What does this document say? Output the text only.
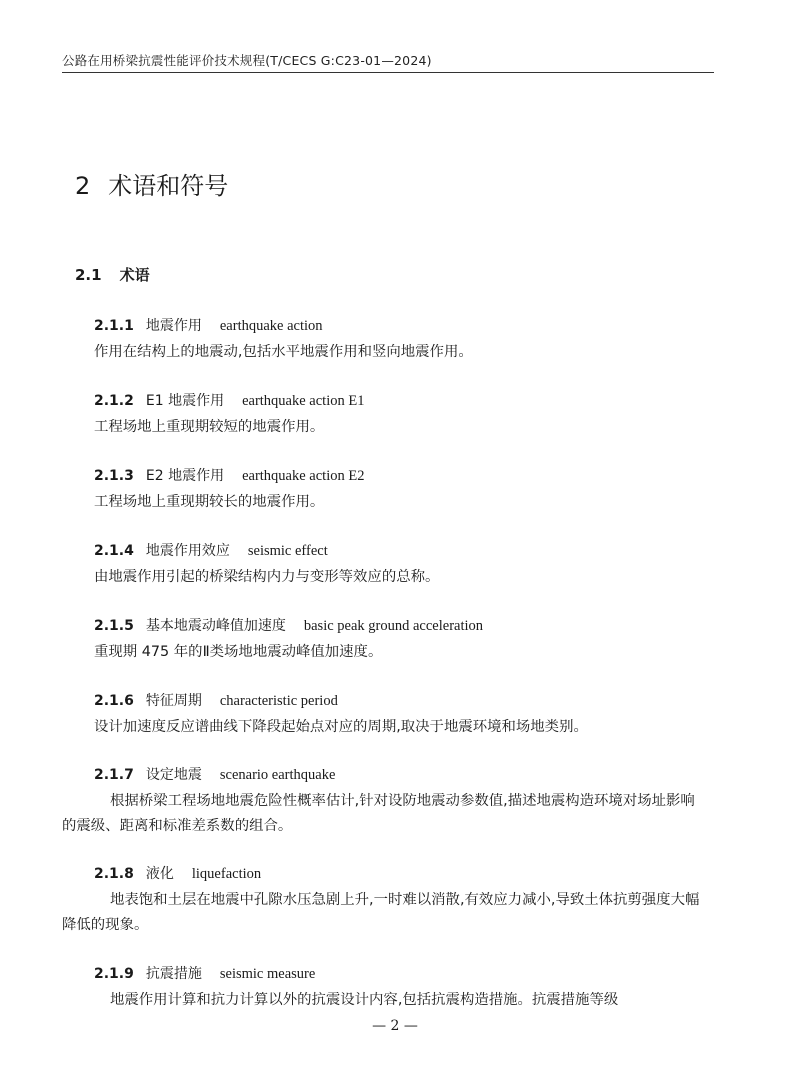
公路在用桥梁抗震性能评价技术规程(T/CECS G:C23-01—2024)
2 术语和符号
2.1 术语
2.1.1 地震作用 earthquake action
作用在结构上的地震动,包括水平地震作用和竖向地震作用。
2.1.2 E1 地震作用 earthquake action E1
工程场地上重现期较短的地震作用。
2.1.3 E2 地震作用 earthquake action E2
工程场地上重现期较长的地震作用。
2.1.4 地震作用效应 seismic effect
由地震作用引起的桥梁结构内力与变形等效应的总称。
2.1.5 基本地震动峰值加速度 basic peak ground acceleration
重现期 475 年的Ⅱ类场地地震动峰值加速度。
2.1.6 特征周期 characteristic period
设计加速度反应谱曲线下降段起始点对应的周期,取决于地震环境和场地类别。
2.1.7 设定地震 scenario earthquake
根据桥梁工程场地地震危险性概率估计,针对设防地震动参数值,描述地震构造环境对场址影响的震级、距离和标准差系数的组合。
2.1.8 液化 liquefaction
地表饱和土层在地震中孔隙水压急剧上升,一时难以消散,有效应力减小,导致土体抗剪强度大幅降低的现象。
2.1.9 抗震措施 seismic measure
地震作用计算和抗力计算以外的抗震设计内容,包括抗震构造措施。抗震措施等级
— 2 —
